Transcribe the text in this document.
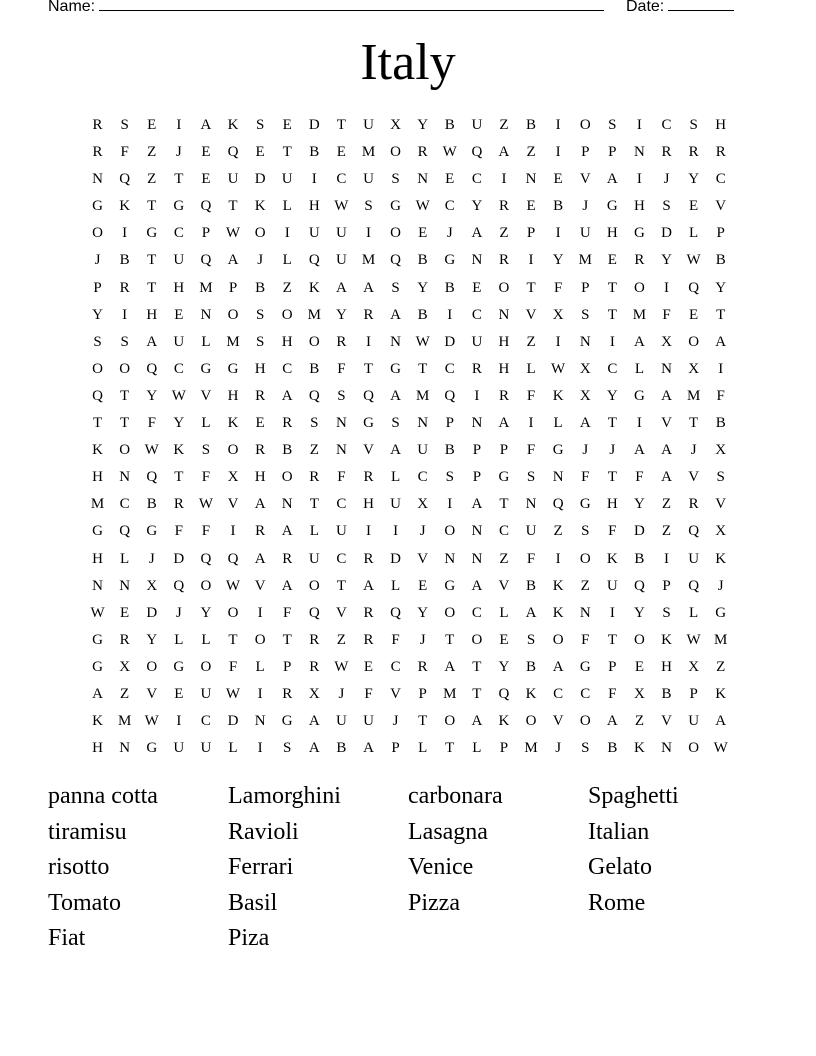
Name:	Date:
Italy
R	S	E	I	A	K	S	E	D	T	U	X	Y	B	U	Z	B	I	O	S	I	C	S	H
R	F	Z	J	E	Q	E	T	B	E	M	O	R	W Q	A	Z	I	P	P	N	R	R	R
N	Q	Z	T	E	U	D	U	I	C	U	S	N	E	C	I	N	E	V	A	I	J	Y	C
G	K	T	G	Q	T	K	L	H W	S	G W	C	Y	R	E	B	J	G	H	S	E	V
O	I	G	C	P	W O	I	U	U	I	O	E	J	A	Z	P	I	U	H	G	D	L	P
J	B	T	U	Q	A	J	L	Q	U	M	Q	B	G	N	R	I	Y	M	E	R	Y W	B
P	R	T	H	M	P	B	Z	K	A	A	S	Y	B	E	O	T	F	P	T	O	I	Q	Y
Y	I	H	E	N	O	S	O	M	Y	R	A	B	I	C	N	V	X	S	T	M	F	E	T
S	S	A	U	L	M	S	H	O	R	I	N W D	U	H	Z	I	N	I	A	X	O	A
O	O	Q	C	G	G	H	C	B	F	T	G	T	C	R	H	L	W X	C	L	N	X	I
Q	T	Y W V	H	R	A	Q	S	Q	A	M	Q	I	R	F	K	X	Y	G	A	M	F
T	T	F	Y	L	K	E	R	S	N	G	S	N	P	N	A	I	L	A	T	I	V	T	B
K	O W K	S	O	R	B	Z	N	V	A	U	B	P	P	F	G	J	J	A	A	J	X
H	N	Q	T	F	X	H	O	R	F	R	L	C	S	P	G	S	N	F	T	F	A	V	S
M	C	B	R	W V	A	N	T	C	H	U	X	I	A	T	N	Q	G	H	Y	Z	R	V
G	Q	G	F	F	I	R	A	L	U	I	I	J	O	N	C	U	Z	S	F	D	Z	Q	X
H	L	J	D	Q	Q	A	R	U	C	R	D	V	N	N	Z	F	I	O	K	B	I	U	K
N	N	X	Q	O W V	A	O	T	A	L	E	G	A	V	B	K	Z	U	Q	P	Q	J
W	E	D	J	Y	O	I	F	Q	V	R	Q	Y	O	C	L	A	K	N	I	Y	S	L	G
G	R	Y	L	L	T	O	T	R	Z	R	F	J	T	O	E	S	O	F	T	O	K W M
G	X	O	G	O	F	L	P	R	W	E	C	R	A	T	Y	B	A	G	P	E	H	X	Z
A	Z	V	E	U W	I	R	X	J	F	V	P	M	T	Q	K	C	C	F	X	B	P	K
K	M W	I	C	D	N	G	A	U	U	J	T	O	A	K	O	V	O	A	Z	V	U	A
H	N	G	U	U	L	I	S	A	B	A	P	L	T	L	P	M	J	S	B	K	N	O W
panna cotta	Lamorghini	carbonara	Spaghetti
tiramisu	Ravioli	Lasagna	Italian
risotto	Ferrari	Venice	Gelato
Tomato	Basil	Pizza	Rome
Fiat	Piza
